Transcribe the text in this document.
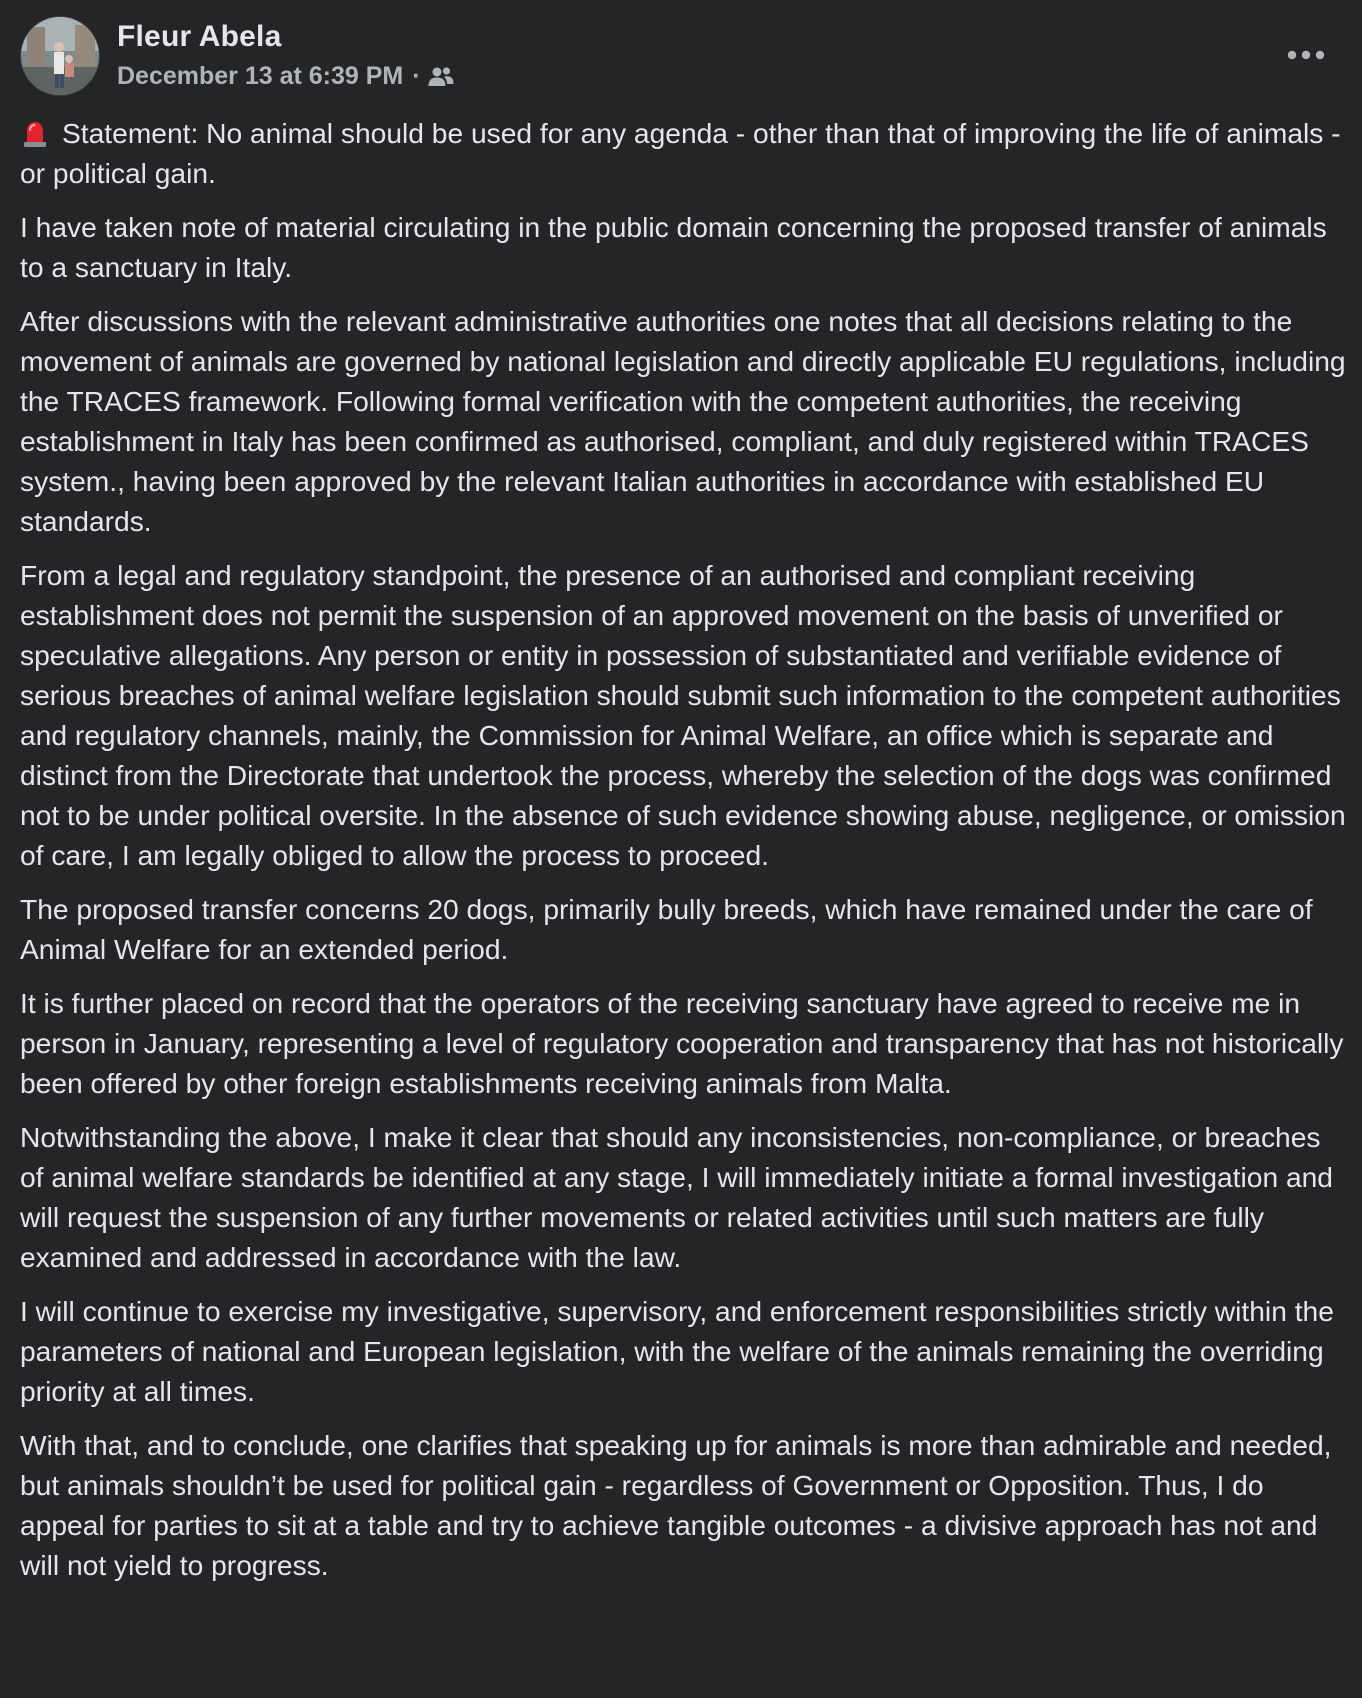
Fleur Abela
December 13 at 6:39 PM ·

Statement: No animal should be used for any agenda - other than that of improving the life of animals - or political gain.

I have taken note of material circulating in the public domain concerning the proposed transfer of animals to a sanctuary in Italy.

After discussions with the relevant administrative authorities one notes that all decisions relating to the movement of animals are governed by national legislation and directly applicable EU regulations, including the TRACES framework. Following formal verification with the competent authorities, the receiving establishment in Italy has been confirmed as authorised, compliant, and duly registered within TRACES system., having been approved by the relevant Italian authorities in accordance with established EU standards.

From a legal and regulatory standpoint, the presence of an authorised and compliant receiving establishment does not permit the suspension of an approved movement on the basis of unverified or speculative allegations. Any person or entity in possession of substantiated and verifiable evidence of serious breaches of animal welfare legislation should submit such information to the competent authorities and regulatory channels, mainly, the Commission for Animal Welfare, an office which is separate and distinct from the Directorate that undertook the process, whereby the selection of the dogs was confirmed not to be under political oversite. In the absence of such evidence showing abuse, negligence, or omission of care, I am legally obliged to allow the process to proceed.

The proposed transfer concerns 20 dogs, primarily bully breeds, which have remained under the care of Animal Welfare for an extended period.

It is further placed on record that the operators of the receiving sanctuary have agreed to receive me in person in January, representing a level of regulatory cooperation and transparency that has not historically been offered by other foreign establishments receiving animals from Malta.

Notwithstanding the above, I make it clear that should any inconsistencies, non-compliance, or breaches of animal welfare standards be identified at any stage, I will immediately initiate a formal investigation and will request the suspension of any further movements or related activities until such matters are fully examined and addressed in accordance with the law.

I will continue to exercise my investigative, supervisory, and enforcement responsibilities strictly within the parameters of national and European legislation, with the welfare of the animals remaining the overriding priority at all times.

With that, and to conclude, one clarifies that speaking up for animals is more than admirable and needed, but animals shouldn’t be used for political gain - regardless of Government or Opposition. Thus, I do appeal for parties to sit at a table and try to achieve tangible outcomes - a divisive approach has not and will not yield to progress.
